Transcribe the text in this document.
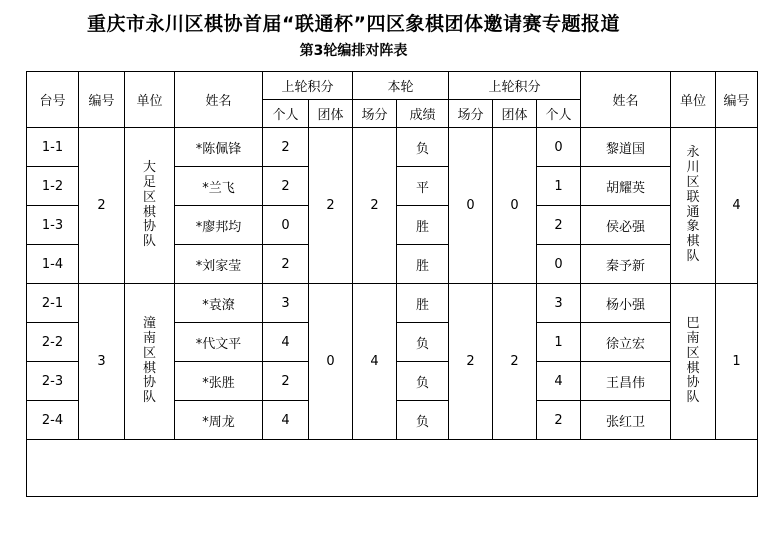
重庆市永川区棋协首届“联通杯”四区象棋团体邀请赛专题报道
第3轮编排对阵表
台号	编号	单位	姓名	上轮积分		本轮		上轮积分			姓名	单位	编号
				个人	团体	场分	成绩	场分	团体	个人			
1-1	2	大足区棋协队	*陈佩锋	2	2	2	负	0	0	0	黎道国	永川区联通象棋队	4
1-2			*兰飞	2			平			1	胡耀英		
1-3			*廖邦均	0			胜			2	侯必强		
1-4			*刘家莹	2			胜			0	秦予新		
2-1	3	潼南区棋协队	*袁潦	3	0	4	胜	2	2	3	杨小强	巴南区棋协队	1
2-2			*代文平	4			负			1	徐立宏		
2-3			*张胜	2			负			4	王昌伟		
2-4			*周龙	4			负			2	张红卫		
